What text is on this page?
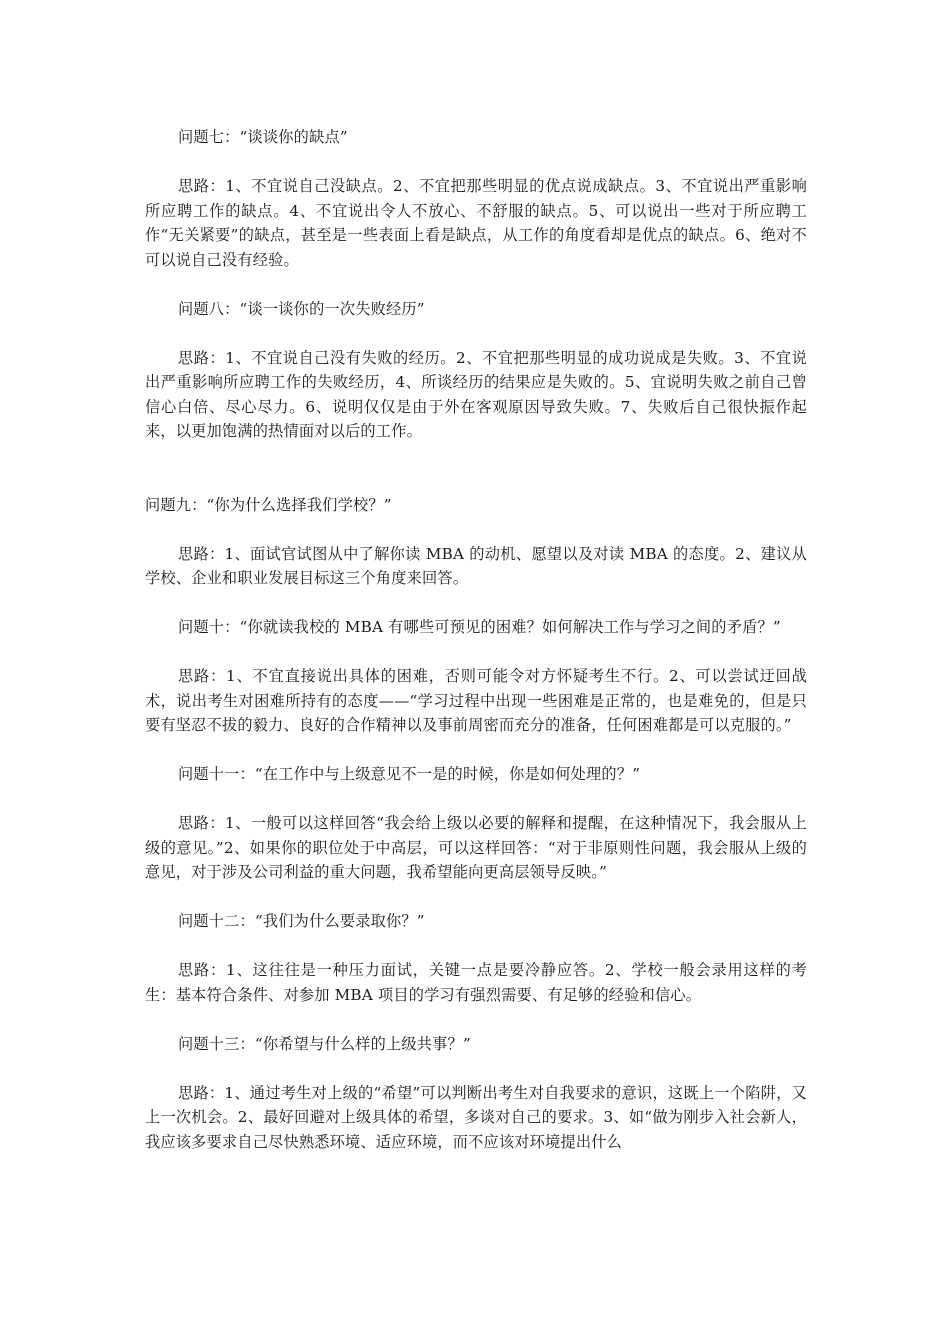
问题七：“谈谈你的缺点”

思路：1、不宜说自己没缺点。2、不宜把那些明显的优点说成缺点。3、不宜说出严重影响所应聘工作的缺点。4、不宜说出令人不放心、不舒服的缺点。5、可以说出一些对于所应聘工作“无关紧要”的缺点，甚至是一些表面上看是缺点，从工作的角度看却是优点的缺点。6、绝对不可以说自己没有经验。

问题八：“谈一谈你的一次失败经历”

思路：1、不宜说自己没有失败的经历。2、不宜把那些明显的成功说成是失败。3、不宜说出严重影响所应聘工作的失败经历，4、所谈经历的结果应是失败的。5、宜说明失败之前自己曾信心白倍、尽心尽力。6、说明仅仅是由于外在客观原因导致失败。7、失败后自己很快振作起来，以更加饱满的热情面对以后的工作。

问题九：“你为什么选择我们学校？”

思路：1、面试官试图从中了解你读 MBA 的动机、愿望以及对读 MBA 的态度。2、建议从学校、企业和职业发展目标这三个角度来回答。

问题十：“你就读我校的 MBA 有哪些可预见的困难？如何解决工作与学习之间的矛盾？”

思路：1、不宜直接说出具体的困难，否则可能令对方怀疑考生不行。2、可以尝试迂回战术，说出考生对困难所持有的态度——“学习过程中出现一些困难是正常的，也是难免的，但是只要有坚忍不拔的毅力、良好的合作精神以及事前周密而充分的准备，任何困难都是可以克服的。”

问题十一：“在工作中与上级意见不一是的时候，你是如何处理的？”

思路：1、一般可以这样回答“我会给上级以必要的解释和提醒，在这种情况下，我会服从上级的意见。”2、如果你的职位处于中高层，可以这样回答：“对于非原则性问题，我会服从上级的意见，对于涉及公司利益的重大问题，我希望能向更高层领导反映。”

问题十二：“我们为什么要录取你？”

思路：1、这往往是一种压力面试，关键一点是要冷静应答。2、学校一般会录用这样的考生：基本符合条件、对参加 MBA 项目的学习有强烈需要、有足够的经验和信心。

问题十三：“你希望与什么样的上级共事？”

思路：1、通过考生对上级的“希望”可以判断出考生对自我要求的意识，这既上一个陷阱，又上一次机会。2、最好回避对上级具体的希望，多谈对自己的要求。3、如“做为刚步入社会新人，我应该多要求自己尽快熟悉环境、适应环境，而不应该对环境提出什么
